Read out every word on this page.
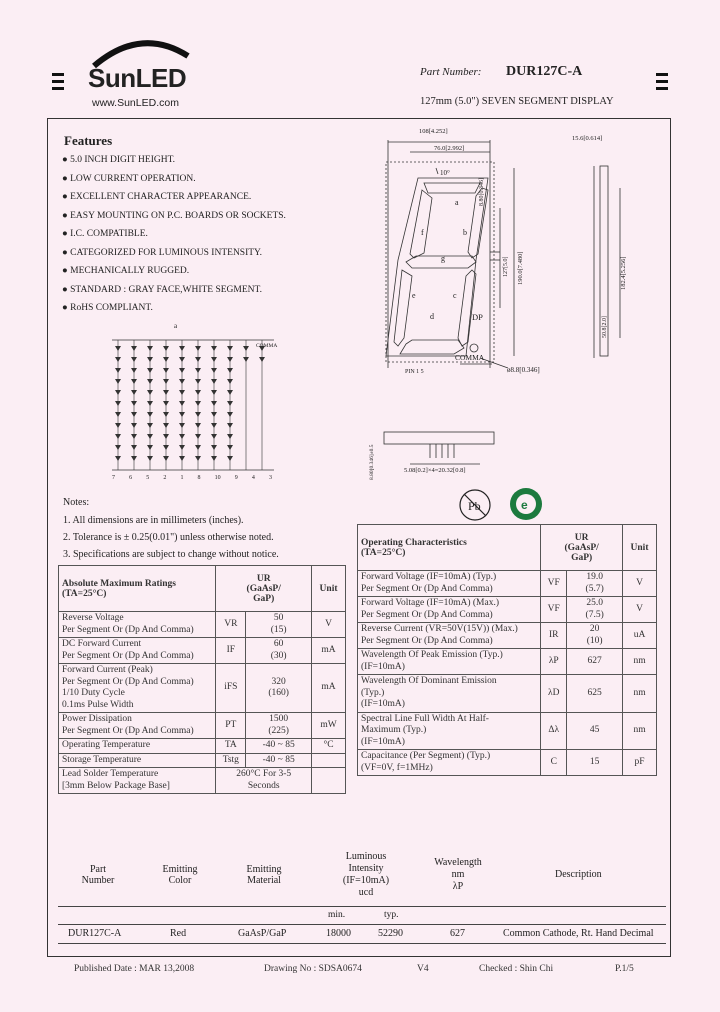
SunLED
www.SunLED.com
Part Number: DUR127C-A
127mm (5.0") SEVEN SEGMENT DISPLAY
Features
● 5.0 INCH DIGIT HEIGHT.
● LOW CURRENT OPERATION.
● EXCELLENT CHARACTER APPEARANCE.
● EASY MOUNTING ON P.C. BOARDS OR SOCKETS.
● I.C. COMPATIBLE.
● CATEGORIZED FOR LUMINOUS INTENSITY.
● MECHANICALLY RUGGED.
● STANDARD : GRAY FACE,WHITE SEGMENT.
● RoHS COMPLIANT.
a
COMMA
7 6 5 2 1 8 10 9 4 3
108[4.252]
76.0[2.992]
10°
15.6[0.614]
a
b
c
d
e
f
g
DP
COMMA
PIN 1 5	ø8.8[0.346]
8.80[0.346]
127[5.0] 190.0[7.480]	182.4[5.256]
50.8[2.0]
8.80[0.346]±0.5	5.08[0.2]×4=20.32[0.8]
Pb	e
Notes:
1. All dimensions are in millimeters (inches).
2. Tolerance is ± 0.25(0.01") unless otherwise noted.
3. Specifications are subject to change without notice.
Absolute Maximum Ratings
(TA=25°C)	UR
(GaAsP/
GaP)		Unit
Reverse Voltage
Per Segment Or (Dp And Comma)	VR	50
(15)	V
DC Forward Current
Per Segment Or (Dp And Comma)	IF	60
(30)	mA
Forward Current (Peak)
Per Segment Or (Dp And Comma)
1/10 Duty Cycle
0.1ms Pulse Width	iFS	320
(160)	mA
Power Dissipation
Per Segment Or (Dp And Comma)	PT	1500
(225)	mW
Operating Temperature	TA	-40 ~ 85	°C
Storage Temperature	Tstg	-40 ~ 85	
Lead Solder Temperature
[3mm Below Package Base]	260°C For 3-5 Seconds		
Operating Characteristics
(TA=25°C)	UR
(GaAsP/
GaP)		Unit
Forward Voltage (IF=10mA) (Typ.)
Per Segment Or (Dp And Comma)	VF	19.0
(5.7)	V
Forward Voltage (IF=10mA) (Max.)
Per Segment Or (Dp And Comma)	VF	25.0
(7.5)	V
Reverse Current (VR=50V(15V)) (Max.)
Per Segment Or (Dp And Comma)	IR	20
(10)	uA
Wavelength Of Peak Emission (Typ.)
(IF=10mA)	λP	627	nm
Wavelength Of Dominant Emission
(Typ.)
(IF=10mA)	λD	625	nm
Spectral Line Full Width At Half-
Maximum (Typ.)
(IF=10mA)	Δλ	45	nm
Capacitance (Per Segment) (Typ.)
(VF=0V, f=1MHz)	C	15	pF
Part
Number
Emitting
Color
Emitting
Material
Luminous
Intensity
(IF=10mA)
ucd
Wavelength
nm
λP
Description
min.	typ.
DUR127C-A	Red	GaAsP/GaP	18000	52290	627	Common Cathode, Rt. Hand Decimal
Published Date : MAR 13,2008	Drawing No : SDSA0674	V4	Checked : Shin Chi	P.1/5
